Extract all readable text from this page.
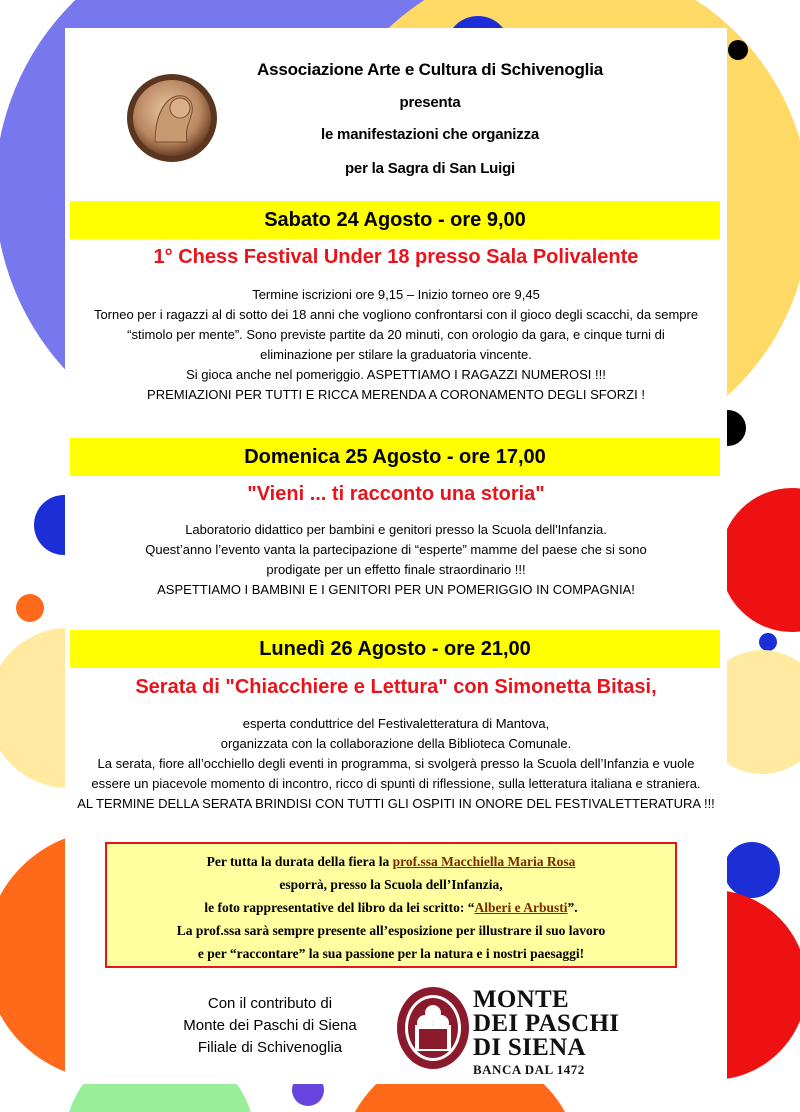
Associazione Arte e Cultura di Schivenoglia
presenta
le manifestazioni che organizza
per la Sagra di San Luigi
Sabato 24 Agosto - ore 9,00
1° Chess Festival Under 18 presso Sala Polivalente
Termine iscrizioni ore 9,15 – Inizio torneo ore 9,45
Torneo per i ragazzi al di sotto dei 18 anni che vogliono confrontarsi con il gioco degli scacchi, da sempre
“stimolo per mente”. Sono previste partite da 20 minuti, con orologio da gara, e cinque turni di
eliminazione per stilare la graduatoria vincente.
Si gioca anche nel pomeriggio. ASPETTIAMO I RAGAZZI NUMEROSI !!!
PREMIAZIONI PER TUTTI E RICCA MERENDA A CORONAMENTO DEGLI SFORZI !
Domenica 25 Agosto - ore 17,00
"Vieni ... ti racconto una storia"
Laboratorio didattico per bambini e genitori presso la Scuola dell'Infanzia.
Quest’anno l’evento vanta la partecipazione di “esperte” mamme del paese che si sono
prodigate per un effetto finale straordinario !!!
ASPETTIAMO I BAMBINI E I GENITORI PER UN POMERIGGIO IN COMPAGNIA!
Lunedì 26 Agosto - ore 21,00
Serata di "Chiacchiere e Lettura" con Simonetta Bitasi,
esperta conduttrice del Festivaletteratura di Mantova,
organizzata con la collaborazione della Biblioteca Comunale.
La serata, fiore all’occhiello degli eventi in programma, si svolgerà presso la Scuola dell’Infanzia e vuole
essere un piacevole momento di incontro, ricco di spunti di riflessione, sulla letteratura italiana e straniera.
AL TERMINE DELLA SERATA BRINDISI CON TUTTI GLI OSPITI IN ONORE DEL FESTIVALETTERATURA !!!
Per tutta la durata della fiera la prof.ssa Macchiella Maria Rosa
esporrà, presso la Scuola dell’Infanzia,
le foto rappresentative del libro da lei scritto: “Alberi e Arbusti”.
La prof.ssa sarà sempre presente all’esposizione per illustrare il suo lavoro
e per “raccontare” la sua passione per la natura e i nostri paesaggi!
Con il contributo di
Monte dei Paschi di Siena
Filiale di Schivenoglia
MONTE
DEI PASCHI
DI SIENA
BANCA DAL 1472
